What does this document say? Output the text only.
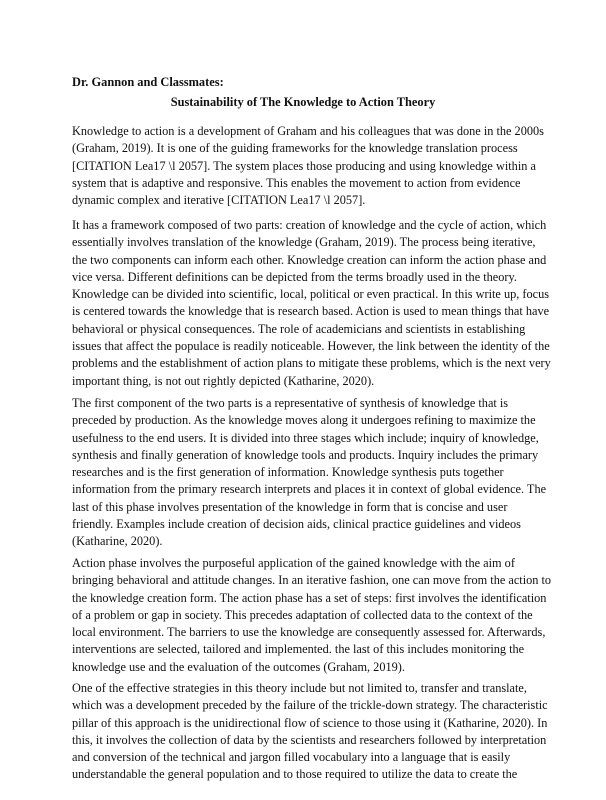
Dr. Gannon and Classmates:

Sustainability of The Knowledge to Action Theory

Knowledge to action is a development of Graham and his colleagues that was done in the 2000s
(Graham, 2019). It is one of the guiding frameworks for the knowledge translation process
[CITATION Lea17 \l 2057]. The system places those producing and using knowledge within a
system that is adaptive and responsive. This enables the movement to action from evidence
dynamic complex and iterative [CITATION Lea17 \l 2057].

It has a framework composed of two parts: creation of knowledge and the cycle of action, which
essentially involves translation of the knowledge (Graham, 2019). The process being iterative,
the two components can inform each other. Knowledge creation can inform the action phase and
vice versa. Different definitions can be depicted from the terms broadly used in the theory.
Knowledge can be divided into scientific, local, political or even practical. In this write up, focus
is centered towards the knowledge that is research based. Action is used to mean things that have
behavioral or physical consequences. The role of academicians and scientists in establishing
issues that affect the populace is readily noticeable. However, the link between the identity of the
problems and the establishment of action plans to mitigate these problems, which is the next very
important thing, is not out rightly depicted (Katharine, 2020).

The first component of the two parts is a representative of synthesis of knowledge that is
preceded by production. As the knowledge moves along it undergoes refining to maximize the
usefulness to the end users. It is divided into three stages which include; inquiry of knowledge,
synthesis and finally generation of knowledge tools and products. Inquiry includes the primary
researches and is the first generation of information. Knowledge synthesis puts together
information from the primary research interprets and places it in context of global evidence. The
last of this phase involves presentation of the knowledge in form that is concise and user
friendly. Examples include creation of decision aids, clinical practice guidelines and videos
(Katharine, 2020).

Action phase involves the purposeful application of the gained knowledge with the aim of
bringing behavioral and attitude changes. In an iterative fashion, one can move from the action to
the knowledge creation form. The action phase has a set of steps: first involves the identification
of a problem or gap in society. This precedes adaptation of collected data to the context of the
local environment. The barriers to use the knowledge are consequently assessed for. Afterwards,
interventions are selected, tailored and implemented. the last of this includes monitoring the
knowledge use and the evaluation of the outcomes (Graham, 2019).

One of the effective strategies in this theory include but not limited to, transfer and translate,
which was a development preceded by the failure of the trickle-down strategy. The characteristic
pillar of this approach is the unidirectional flow of science to those using it (Katharine, 2020). In
this, it involves the collection of data by the scientists and researchers followed by interpretation
and conversion of the technical and jargon filled vocabulary into a language that is easily
understandable the general population and to those required to utilize the data to create the
